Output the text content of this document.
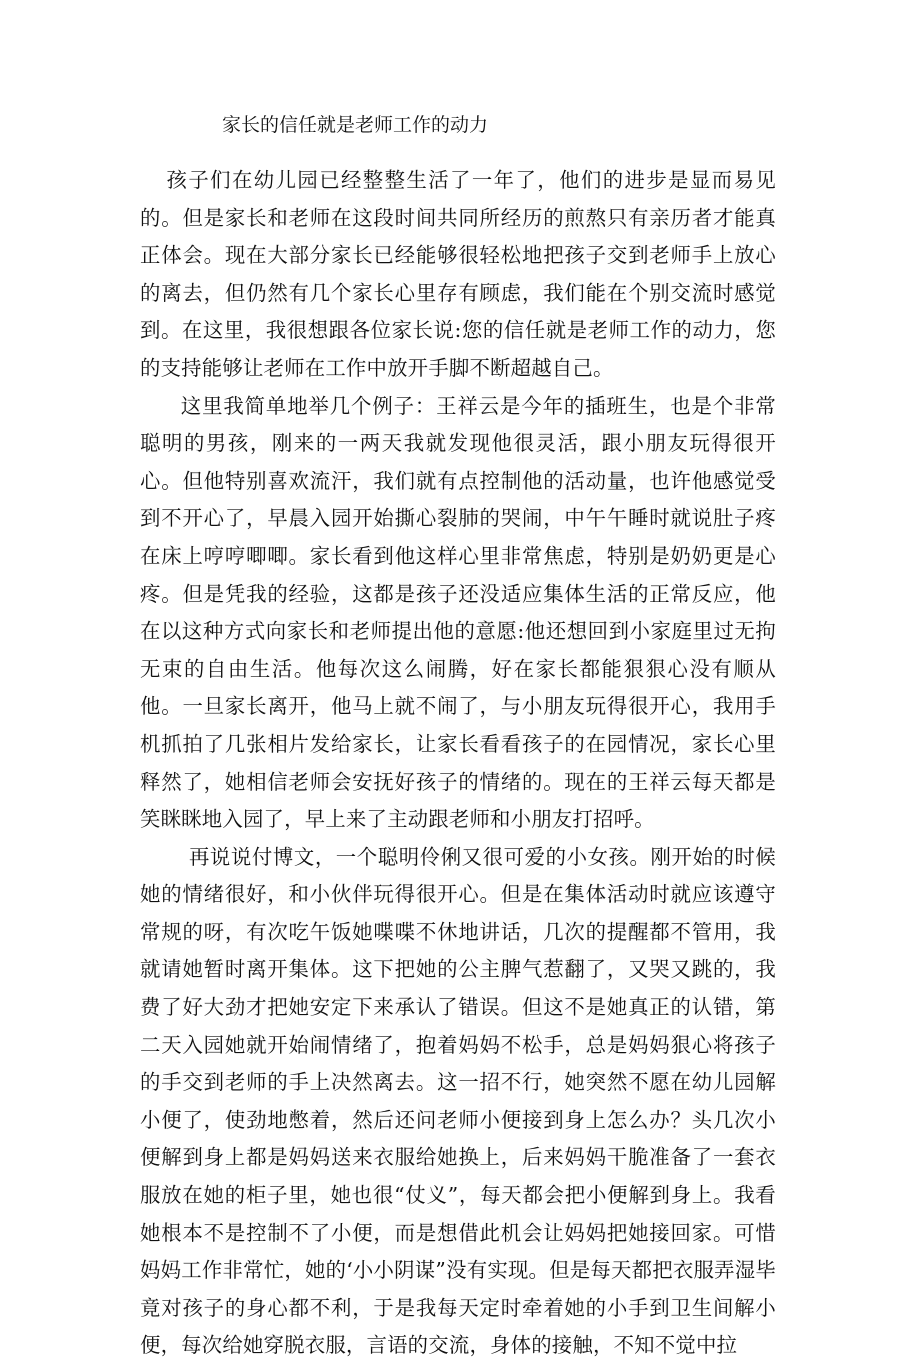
家长的信任就是老师工作的动力

孩子们在幼儿园已经整整生活了一年了，他们的进步是显而易见的。但是家长和老师在这段时间共同所经历的煎熬只有亲历者才能真正体会。现在大部分家长已经能够很轻松地把孩子交到老师手上放心的离去，但仍然有几个家长心里存有顾虑，我们能在个别交流时感觉到。在这里，我很想跟各位家长说:您的信任就是老师工作的动力，您的支持能够让老师在工作中放开手脚不断超越自己。

这里我简单地举几个例子：王祥云是今年的插班生，也是个非常聪明的男孩，刚来的一两天我就发现他很灵活，跟小朋友玩得很开心。但他特别喜欢流汗，我们就有点控制他的活动量，也许他感觉受到不开心了，早晨入园开始撕心裂肺的哭闹，中午午睡时就说肚子疼在床上哼哼唧唧。家长看到他这样心里非常焦虑，特别是奶奶更是心疼。但是凭我的经验，这都是孩子还没适应集体生活的正常反应，他在以这种方式向家长和老师提出他的意愿:他还想回到小家庭里过无拘无束的自由生活。他每次这么闹腾，好在家长都能狠狠心没有顺从他。一旦家长离开，他马上就不闹了，与小朋友玩得很开心，我用手机抓拍了几张相片发给家长，让家长看看孩子的在园情况，家长心里释然了，她相信老师会安抚好孩子的情绪的。现在的王祥云每天都是笑眯眯地入园了，早上来了主动跟老师和小朋友打招呼。

再说说付博文，一个聪明伶俐又很可爱的小女孩。刚开始的时候她的情绪很好，和小伙伴玩得很开心。但是在集体活动时就应该遵守常规的呀，有次吃午饭她喋喋不休地讲话，几次的提醒都不管用，我就请她暂时离开集体。这下把她的公主脾气惹翻了，又哭又跳的，我费了好大劲才把她安定下来承认了错误。但这不是她真正的认错，第二天入园她就开始闹情绪了，抱着妈妈不松手，总是妈妈狠心将孩子的手交到老师的手上决然离去。这一招不行，她突然不愿在幼儿园解小便了，使劲地憋着，然后还问老师小便接到身上怎么办？头几次小便解到身上都是妈妈送来衣服给她换上，后来妈妈干脆准备了一套衣服放在她的柜子里，她也很“仗义”，每天都会把小便解到身上。我看她根本不是控制不了小便，而是想借此机会让妈妈把她接回家。可惜妈妈工作非常忙，她的‘小小阴谋”没有实现。但是每天都把衣服弄湿毕竟对孩子的身心都不利，于是我每天定时牵着她的小手到卫生间解小便，每次给她穿脱衣服，言语的交流，身体的接触，不知不觉中拉
